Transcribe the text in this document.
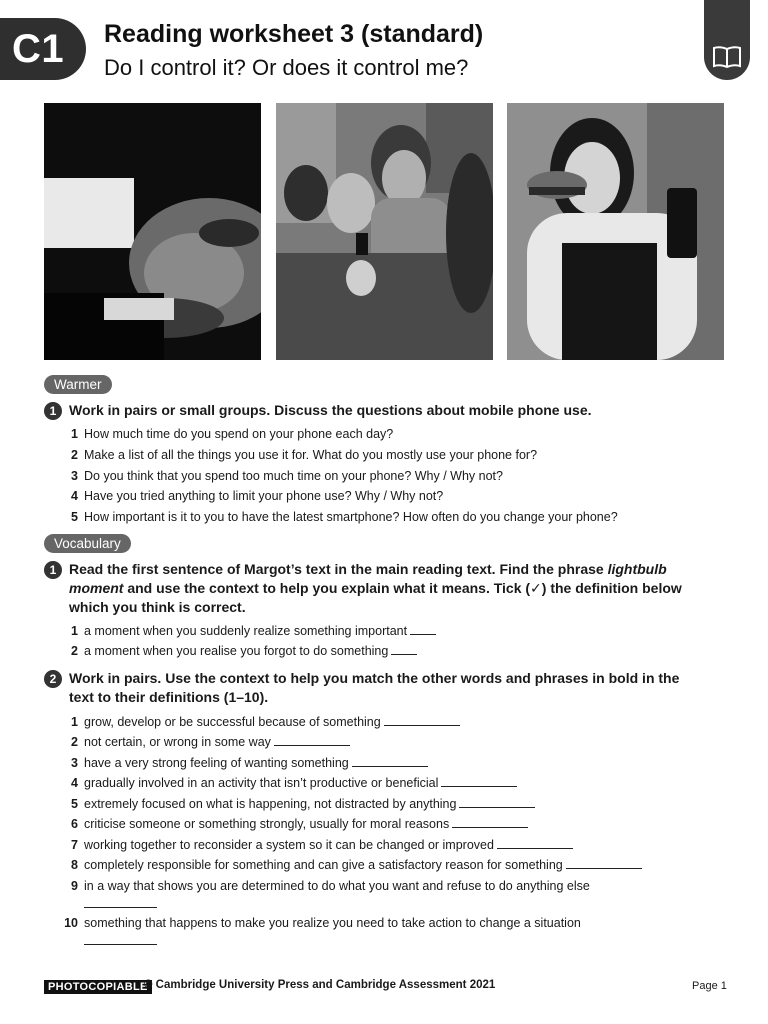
C1 Reading worksheet 3 (standard)
Do I control it? Or does it control me?
Warmer
1 Work in pairs or small groups. Discuss the questions about mobile phone use.
1 How much time do you spend on your phone each day?
2 Make a list of all the things you use it for. What do you mostly use your phone for?
3 Do you think that you spend too much time on your phone? Why / Why not?
4 Have you tried anything to limit your phone use? Why / Why not?
5 How important is it to you to have the latest smartphone? How often do you change your phone?
Vocabulary
1 Read the first sentence of Margot’s text in the main reading text. Find the phrase lightbulb moment and use the context to help you explain what it means. Tick (✓) the definition below which you think is correct.
1 a moment when you suddenly realize something important
2 a moment when you realise you forgot to do something
2 Work in pairs. Use the context to help you match the other words and phrases in bold in the text to their definitions (1–10).
1 grow, develop or be successful because of something
2 not certain, or wrong in some way
3 have a very strong feeling of wanting something
4 gradually involved in an activity that isn’t productive or beneficial
5 extremely focused on what is happening, not distracted by anything
6 criticise someone or something strongly, usually for moral reasons
7 working together to reconsider a system so it can be changed or improved
8 completely responsible for something and can give a satisfactory reason for something
9 in a way that shows you are determined to do what you want and refuse to do anything else
10 something that happens to make you realize you need to take action to change a situation
PHOTOCOPIABLE
© Cambridge University Press and Cambridge Assessment 2021	Page 1
